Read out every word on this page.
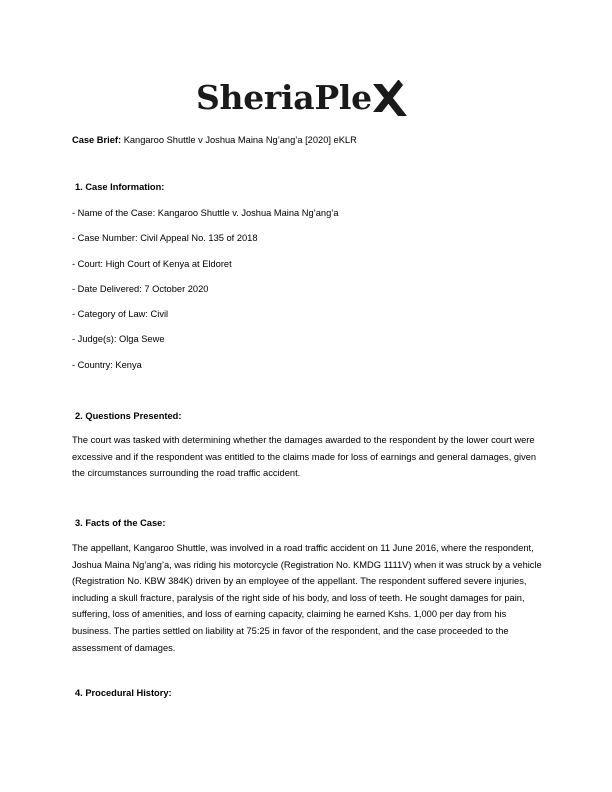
SheriaPle
Case Brief: Kangaroo Shuttle v Joshua Maina Ng’ang’a [2020] eKLR
1. Case Information:
- Name of the Case: Kangaroo Shuttle v. Joshua Maina Ng’ang’a
- Case Number: Civil Appeal No. 135 of 2018
- Court: High Court of Kenya at Eldoret
- Date Delivered: 7 October 2020
- Category of Law: Civil
- Judge(s): Olga Sewe
- Country: Kenya
2. Questions Presented:

The court was tasked with determining whether the damages awarded to the respondent by the lower court were excessive and if the respondent was entitled to the claims made for loss of earnings and general damages, given the circumstances surrounding the road traffic accident.

3. Facts of the Case:

The appellant, Kangaroo Shuttle, was involved in a road traffic accident on 11 June 2016, where the respondent, Joshua Maina Ng’ang’a, was riding his motorcycle (Registration No. KMDG 1111V) when it was struck by a vehicle (Registration No. KBW 384K) driven by an employee of the appellant. The respondent suffered severe injuries, including a skull fracture, paralysis of the right side of his body, and loss of teeth. He sought damages for pain, suffering, loss of amenities, and loss of earning capacity, claiming he earned Kshs. 1,000 per day from his business. The parties settled on liability at 75:25 in favor of the respondent, and the case proceeded to the assessment of damages.

4. Procedural History:
